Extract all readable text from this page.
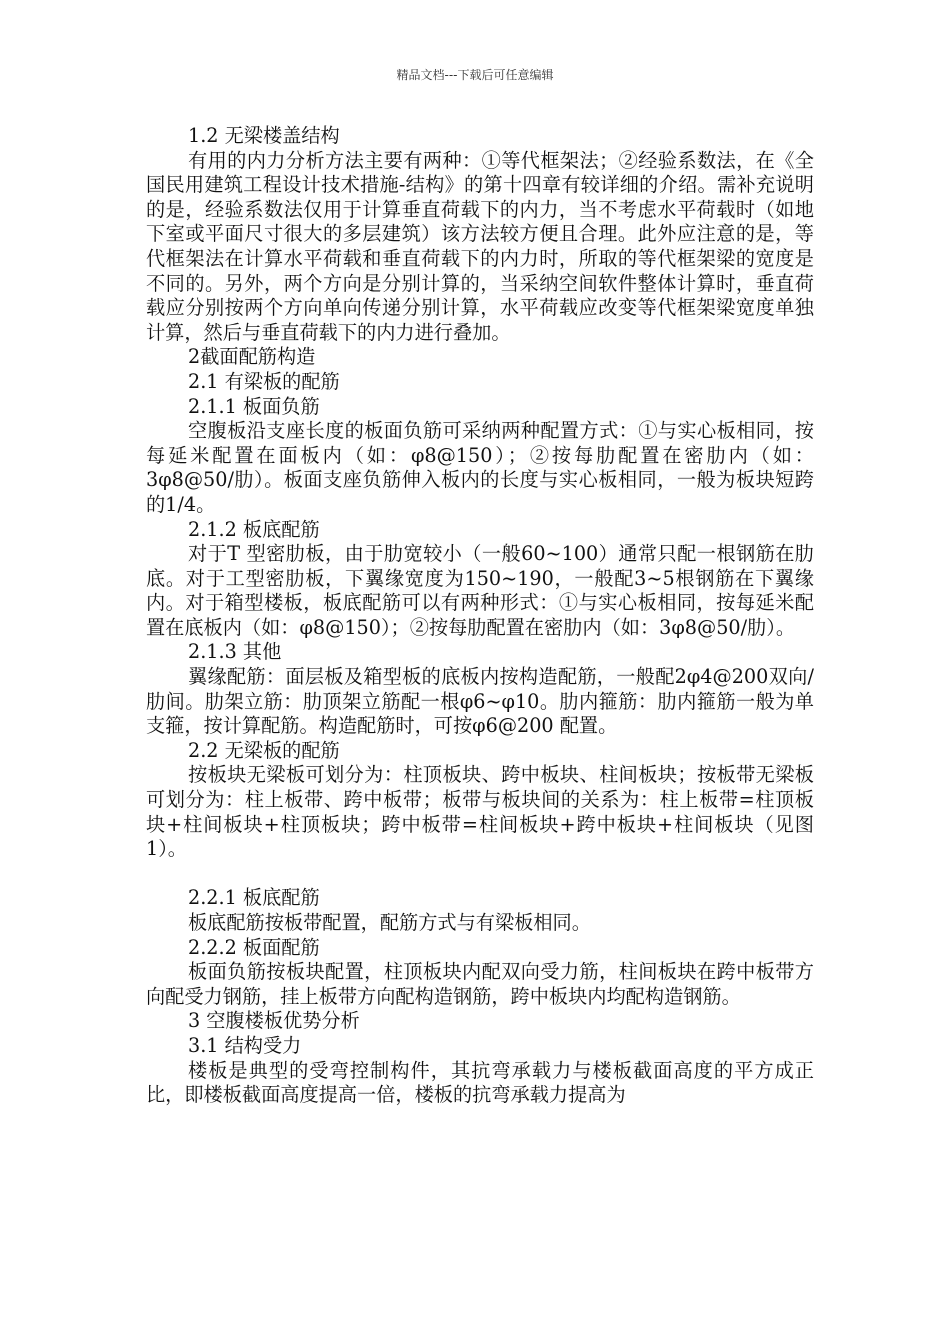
精品文档---下载后可任意编辑

1.2 无梁楼盖结构

有用的内力分析方法主要有两种：①等代框架法；②经验系数法，在《全国民用建筑工程设计技术措施-结构》的第十四章有较详细的介绍。需补充说明的是，经验系数法仅用于计算垂直荷载下的内力，当不考虑水平荷载时（如地下室或平面尺寸很大的多层建筑）该方法较方便且合理。此外应注意的是，等代框架法在计算水平荷载和垂直荷载下的内力时，所取的等代框架梁的宽度是不同的。另外，两个方向是分别计算的，当采纳空间软件整体计算时，垂直荷载应分别按两个方向单向传递分别计算，水平荷载应改变等代框架梁宽度单独计算，然后与垂直荷载下的内力进行叠加。

2截面配筋构造

2.1 有梁板的配筋

2.1.1 板面负筋

空腹板沿支座长度的板面负筋可采纳两种配置方式：①与实心板相同，按每延米配置在面板内（如：φ8@150）；②按每肋配置在密肋内（如：3φ8@50/肋）。板面支座负筋伸入板内的长度与实心板相同，一般为板块短跨的1/4。

2.1.2 板底配筋

对于T 型密肋板，由于肋宽较小（一般60~100）通常只配一根钢筋在肋底。对于工型密肋板，下翼缘宽度为150~190，一般配3~5根钢筋在下翼缘内。对于箱型楼板，板底配筋可以有两种形式：①与实心板相同，按每延米配置在底板内（如：φ8@150）；②按每肋配置在密肋内（如：3φ8@50/肋）。

2.1.3 其他

翼缘配筋：面层板及箱型板的底板内按构造配筋，一般配2φ4@200双向/肋间。肋架立筋：肋顶架立筋配一根φ6~φ10。肋内箍筋：肋内箍筋一般为单支箍，按计算配筋。构造配筋时，可按φ6@200 配置。

2.2 无梁板的配筋

按板块无梁板可划分为：柱顶板块、跨中板块、柱间板块；按板带无梁板可划分为：柱上板带、跨中板带；板带与板块间的关系为：柱上板带=柱顶板块+柱间板块+柱顶板块；跨中板带=柱间板块+跨中板块+柱间板块（见图1）。

2.2.1 板底配筋

板底配筋按板带配置，配筋方式与有梁板相同。

2.2.2 板面配筋

板面负筋按板块配置，柱顶板块内配双向受力筋，柱间板块在跨中板带方向配受力钢筋，挂上板带方向配构造钢筋，跨中板块内均配构造钢筋。

3 空腹楼板优势分析

3.1 结构受力

楼板是典型的受弯控制构件，其抗弯承载力与楼板截面高度的平方成正比，即楼板截面高度提高一倍，楼板的抗弯承载力提高为
